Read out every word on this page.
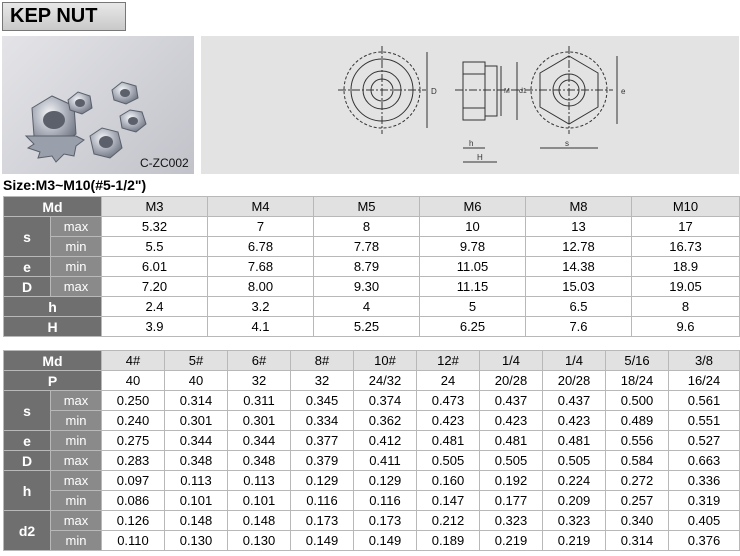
KEP NUT
C-ZC002
D	M d1
h
H
e
s
Size:M3~M10(#5-1/2")
Md		M3	M4	M5	M6	M8	M10
s	max	5.32	7	8	10	13	17
	min	5.5	6.78	7.78	9.78	12.78	16.73
e	min	6.01	7.68	8.79	11.05	14.38	18.9
D	max	7.20	8.00	9.30	11.15	15.03	19.05
h		2.4	3.2	4	5	6.5	8
H		3.9	4.1	5.25	6.25	7.6	9.6
Md		4#	5#	6#	8#	10#	12#	1/4	1/4	5/16	3/8
P		40	40	32	32	24/32	24	20/28	20/28	18/24	16/24
s	max	0.250	0.314	0.311	0.345	0.374	0.473	0.437	0.437	0.500	0.561
	min	0.240	0.301	0.301	0.334	0.362	0.423	0.423	0.423	0.489	0.551
e	min	0.275	0.344	0.344	0.377	0.412	0.481	0.481	0.481	0.556	0.527
D	max	0.283	0.348	0.348	0.379	0.411	0.505	0.505	0.505	0.584	0.663
h	max	0.097	0.113	0.113	0.129	0.129	0.160	0.192	0.224	0.272	0.336
	min	0.086	0.101	0.101	0.116	0.116	0.147	0.177	0.209	0.257	0.319
d2	max	0.126	0.148	0.148	0.173	0.173	0.212	0.323	0.323	0.340	0.405
	min	0.110	0.130	0.130	0.149	0.149	0.189	0.219	0.219	0.314	0.376
